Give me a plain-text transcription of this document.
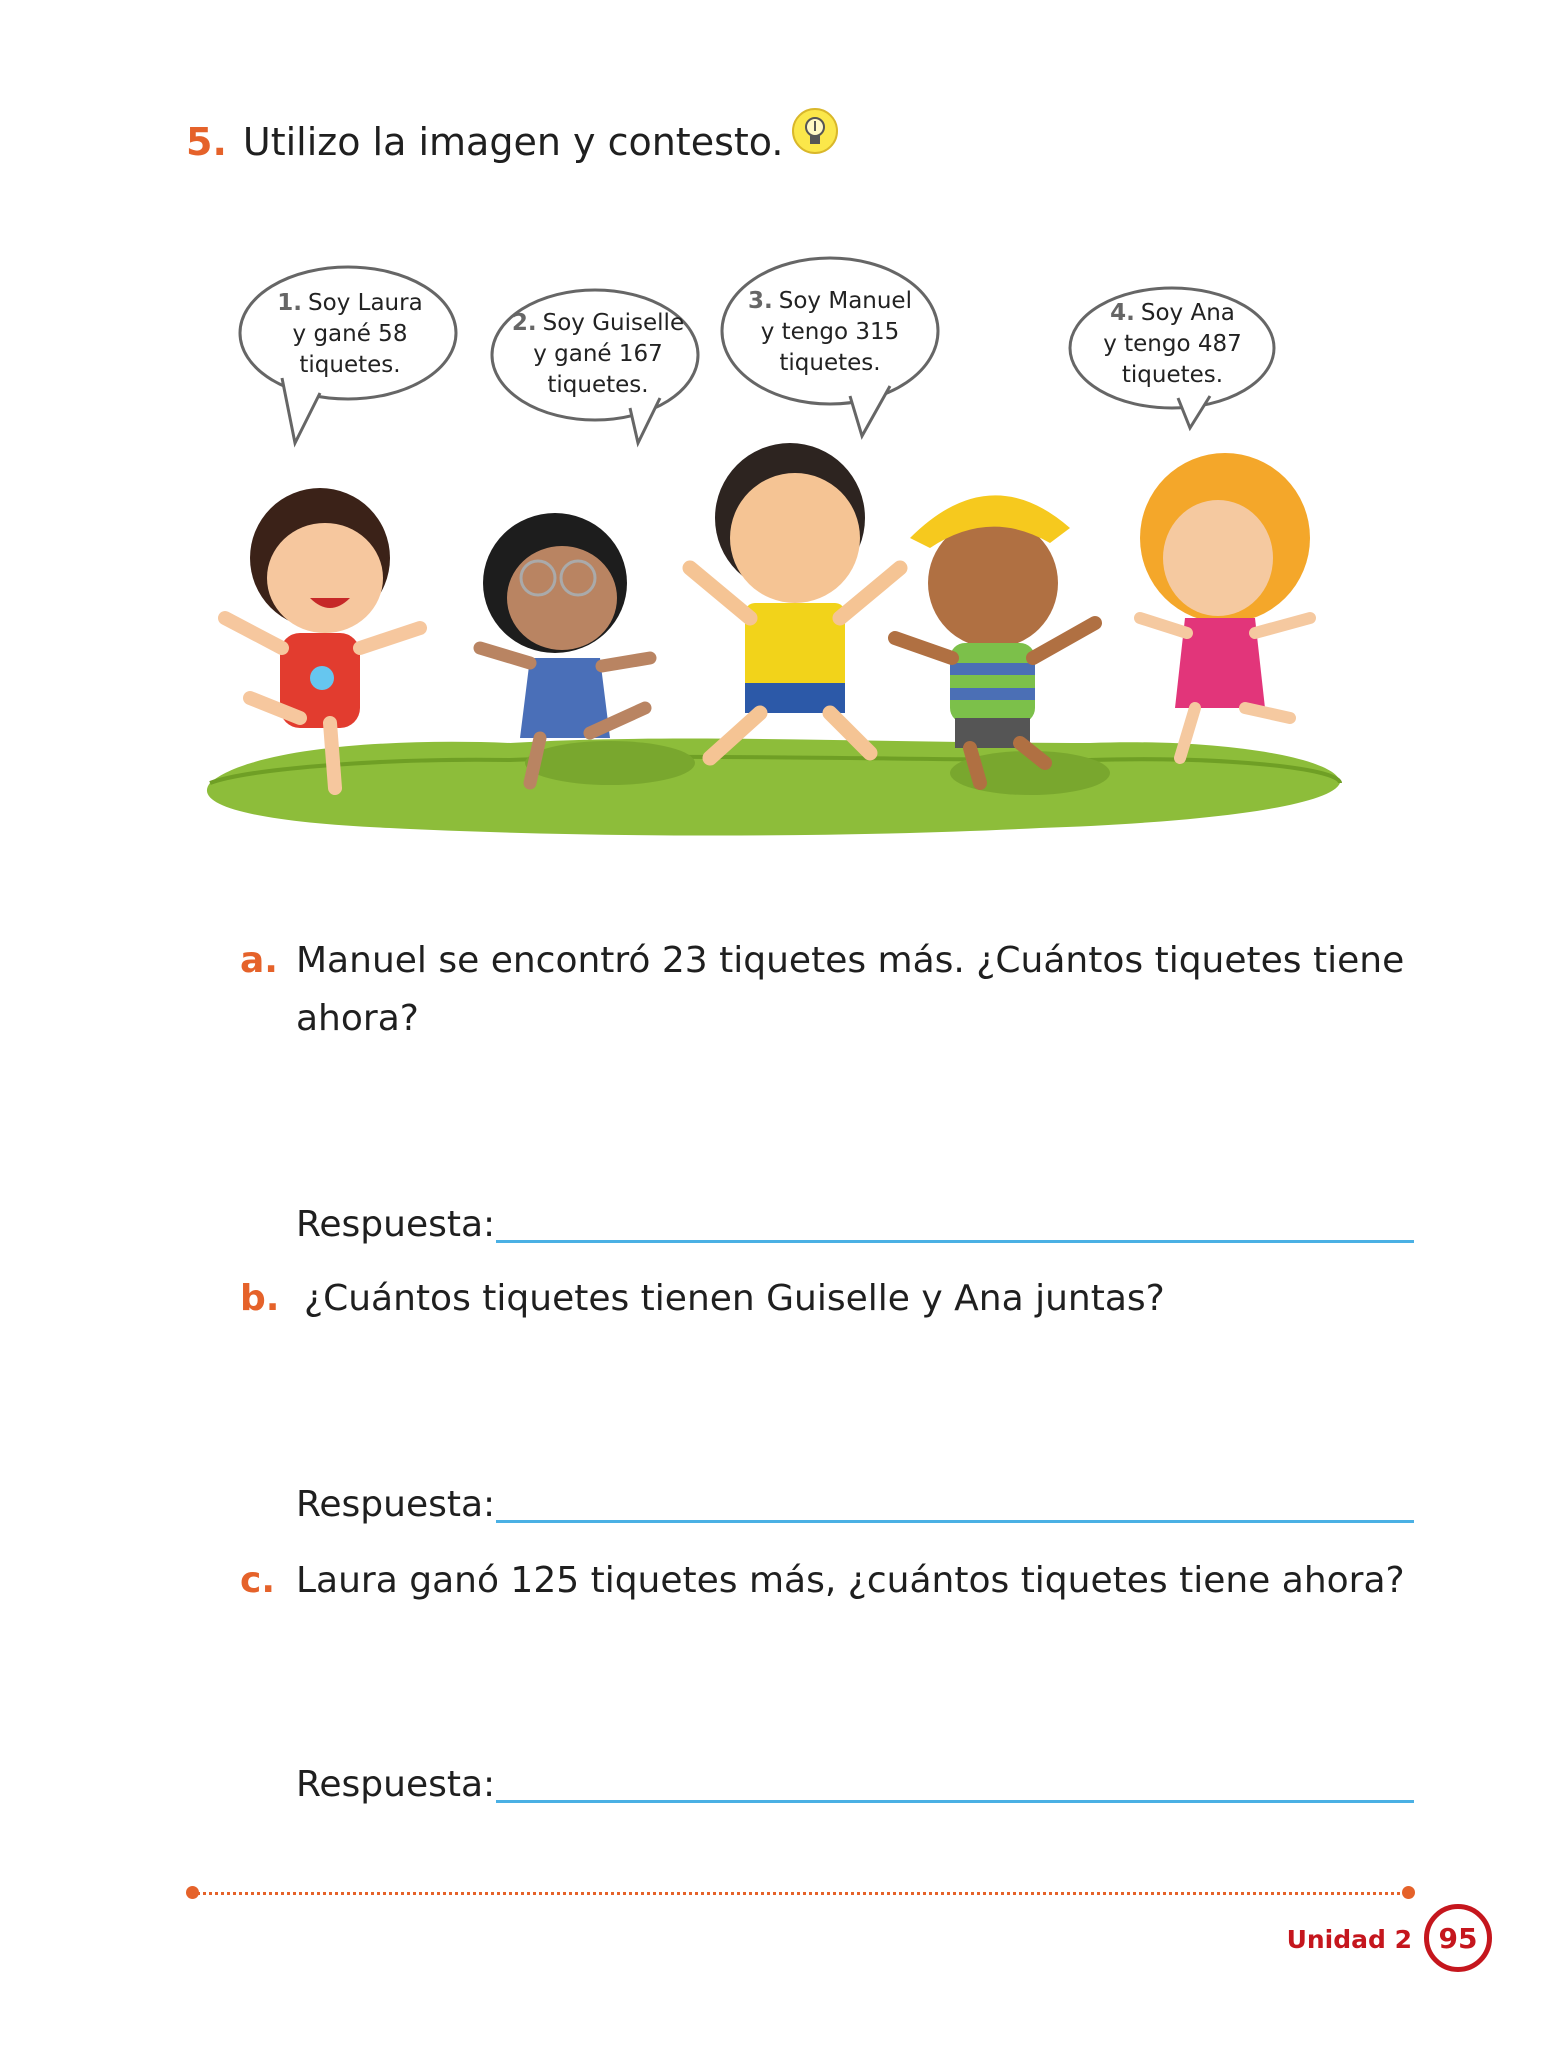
5. Utilizo la imagen y contesto.
1. Soy Laura
y gané 58
tiquetes.
2. Soy Guiselle
y gané 167
tiquetes.
3. Soy Manuel
y tengo 315
tiquetes.
4. Soy Ana
y tengo 487
tiquetes.
a. Manuel se encontró 23 tiquetes más. ¿Cuántos tiquetes tiene
ahora?
Respuesta:
b. ¿Cuántos tiquetes tienen Guiselle y Ana juntas?
Respuesta:
c. Laura ganó 125 tiquetes más, ¿cuántos tiquetes tiene ahora?
Respuesta:
Unidad 2 95
